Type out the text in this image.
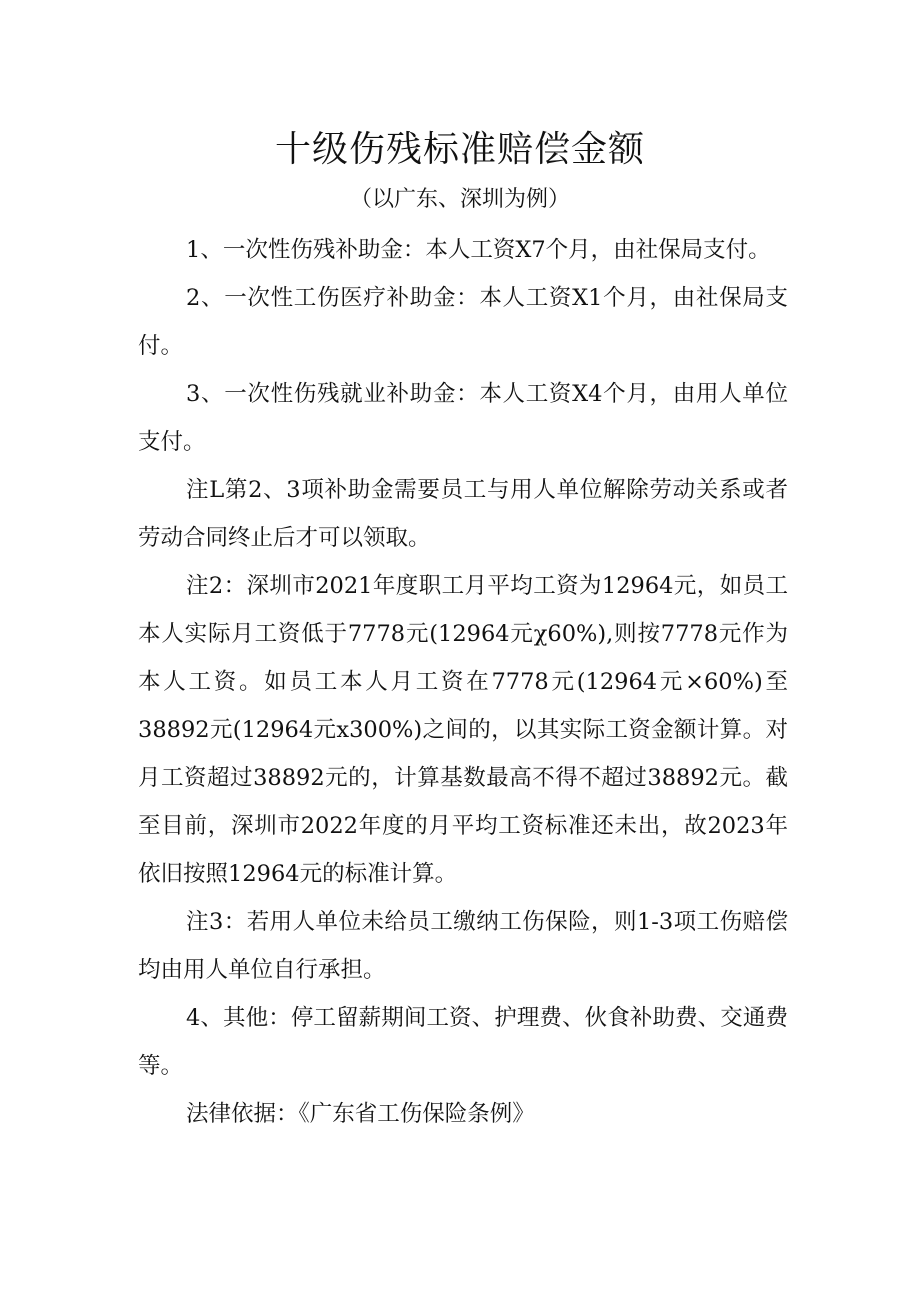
十级伤残标准赔偿金额

（以广东、深圳为例）

1、一次性伤残补助金：本人工资X7个月，由社保局支付。

2、一次性工伤医疗补助金：本人工资X1个月，由社保局支付。

3、一次性伤残就业补助金：本人工资X4个月，由用人单位支付。

注L第2、3项补助金需要员工与用人单位解除劳动关系或者劳动合同终止后才可以领取。

注2：深圳市2021年度职工月平均工资为12964元，如员工本人实际月工资低于7778元(12964元χ60%),则按7778元作为本人工资。如员工本人月工资在7778元(12964元×60%)至38892元(12964元x300%)之间的，以其实际工资金额计算。对月工资超过38892元的，计算基数最高不得不超过38892元。截至目前，深圳市2022年度的月平均工资标准还未出，故2023年依旧按照12964元的标准计算。

注3：若用人单位未给员工缴纳工伤保险，则1-3项工伤赔偿均由用人单位自行承担。

4、其他：停工留薪期间工资、护理费、伙食补助费、交通费等。

法律依据：《广东省工伤保险条例》
